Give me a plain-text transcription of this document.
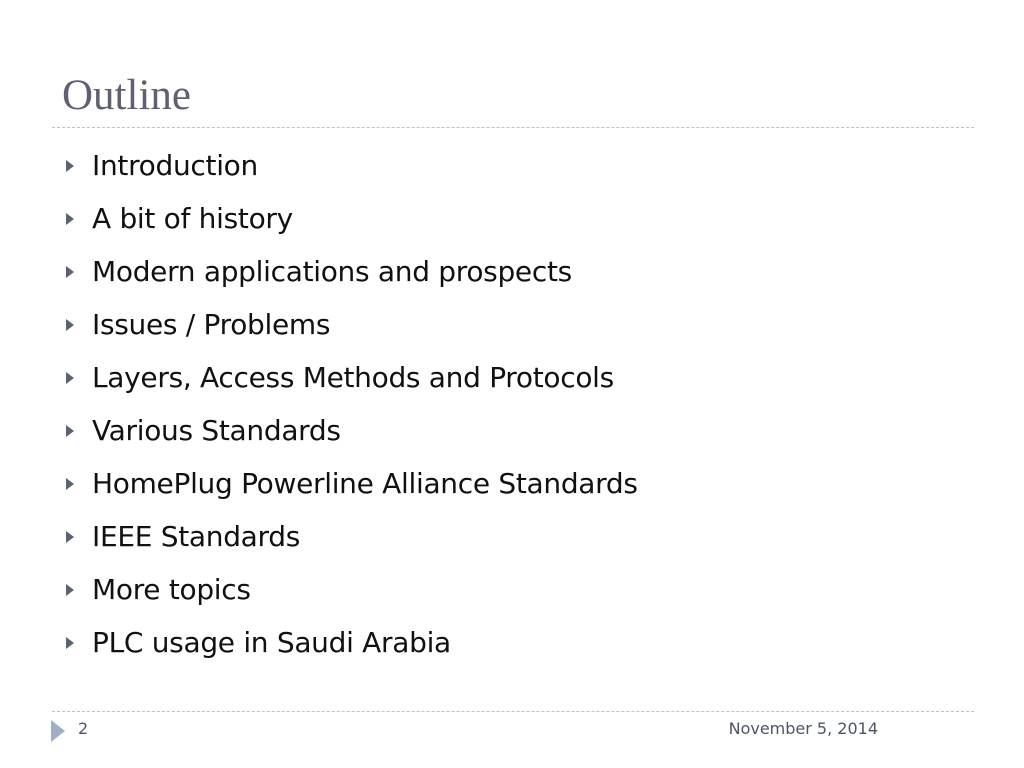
Outline
Introduction
A bit of history
Modern applications and prospects
Issues / Problems
Layers, Access Methods and Protocols
Various Standards
HomePlug Powerline Alliance Standards
IEEE Standards
More topics
PLC usage in Saudi Arabia
2	November 5, 2014
